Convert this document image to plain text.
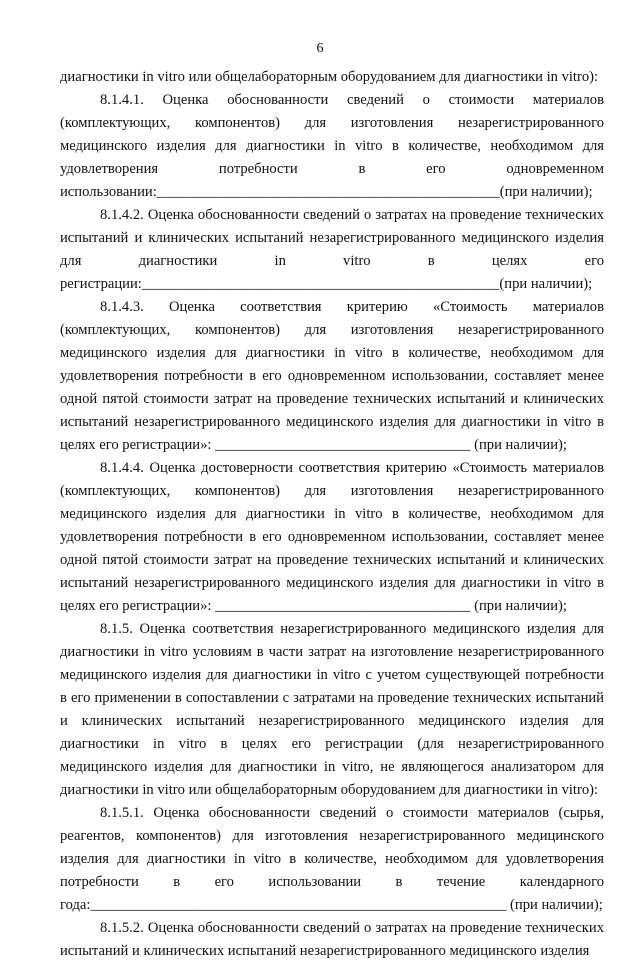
6
диагностики in vitro или общелабораторным оборудованием для диагностики in vitro):
8.1.4.1. Оценка обоснованности сведений о стоимости материалов
(комплектующих, компонентов) для изготовления незарегистрированного
медицинского изделия для диагностики in vitro в количестве, необходимом для
удовлетворения потребности в его одновременном
использовании:_______________________________________________(при наличии);
8.1.4.2. Оценка обоснованности сведений о затратах на проведение технических
испытаний и клинических испытаний незарегистрированного медицинского изделия
для диагностики in vitro в целях его
регистрации:_________________________________________________(при наличии);
8.1.4.3. Оценка соответствия критерию «Стоимость материалов
(комплектующих, компонентов) для изготовления незарегистрированного
медицинского изделия для диагностики in vitro в количестве, необходимом для
удовлетворения потребности в его одновременном использовании, составляет менее
одной пятой стоимости затрат на проведение технических испытаний и клинических
испытаний незарегистрированного медицинского изделия для диагностики in vitro в
целях его регистрации»: ___________________________________ (при наличии);
8.1.4.4. Оценка достоверности соответствия критерию «Стоимость материалов
(комплектующих, компонентов) для изготовления незарегистрированного
медицинского изделия для диагностики in vitro в количестве, необходимом для
удовлетворения потребности в его одновременном использовании, составляет менее
одной пятой стоимости затрат на проведение технических испытаний и клинических
испытаний незарегистрированного медицинского изделия для диагностики in vitro в
целях его регистрации»: ___________________________________ (при наличии);
8.1.5. Оценка соответствия незарегистрированного медицинского изделия для
диагностики in vitro условиям в части затрат на изготовление незарегистрированного
медицинского изделия для диагностики in vitro с учетом существующей потребности
в его применении в сопоставлении с затратами на проведение технических испытаний
и клинических испытаний незарегистрированного медицинского изделия для
диагностики in vitro в целях его регистрации (для незарегистрированного
медицинского изделия для диагностики in vitro, не являющегося анализатором для
диагностики in vitro или общелабораторным оборудованием для диагностики in vitro):
8.1.5.1. Оценка обоснованности сведений о стоимости материалов (сырья,
реагентов, компонентов) для изготовления незарегистрированного медицинского
изделия для диагностики in vitro в количестве, необходимом для удовлетворения
потребности в его использовании в течение календарного
года:_________________________________________________________ (при наличии);
8.1.5.2. Оценка обоснованности сведений о затратах на проведение технических
испытаний и клинических испытаний незарегистрированного медицинского изделия
